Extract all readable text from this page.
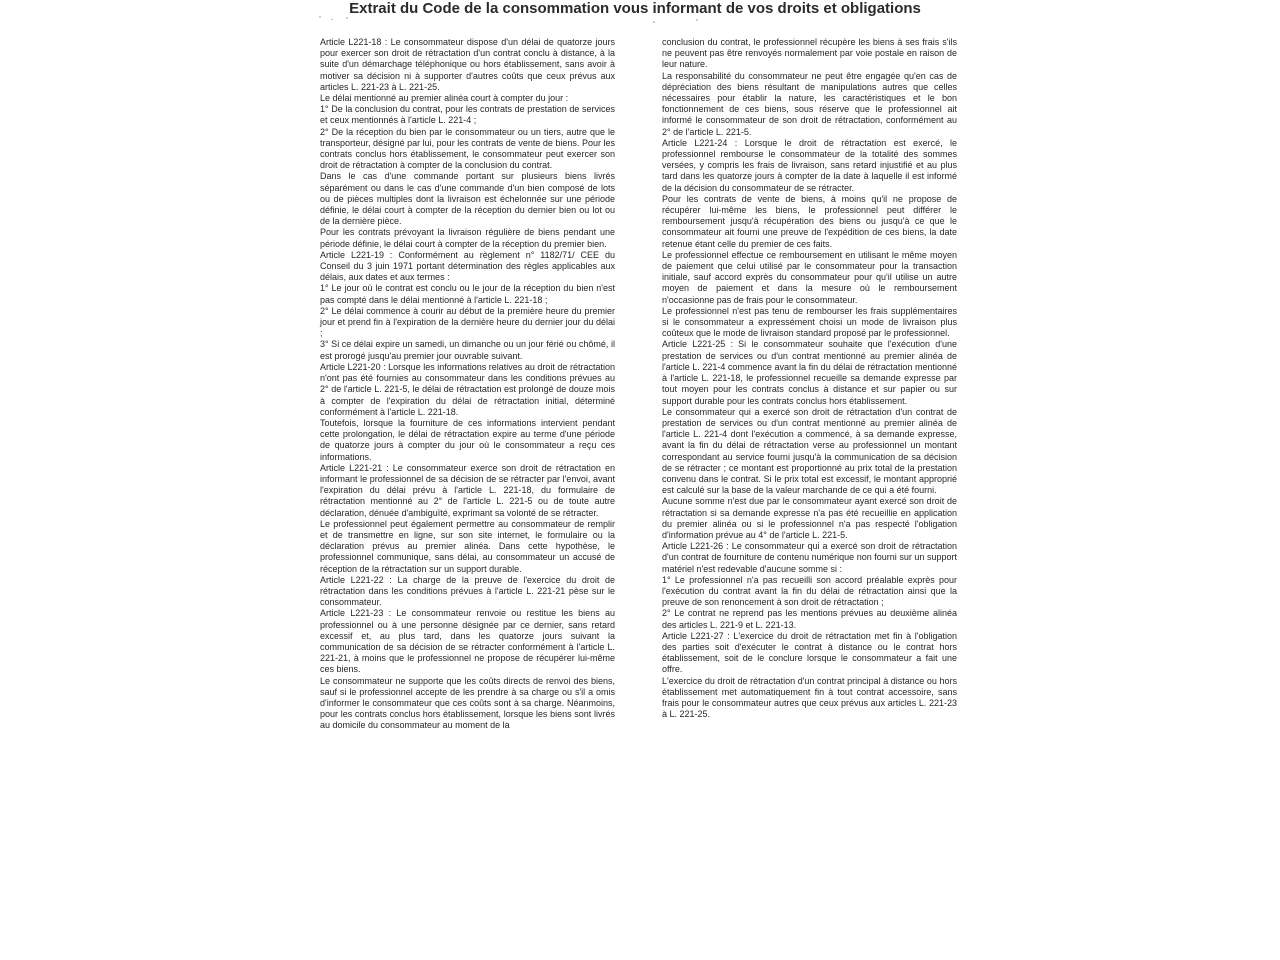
Extrait du Code de la consommation vous informant de vos droits et obligations

Article L221-18 : Le consommateur dispose d'un délai de quatorze jours pour exercer son droit de rétractation d'un contrat conclu à distance, à la suite d'un démarchage téléphonique ou hors établissement, sans avoir à motiver sa décision ni à supporter d'autres coûts que ceux prévus aux articles L. 221-23 à L. 221-25.

Le délai mentionné au premier alinéa court à compter du jour :

1° De la conclusion du contrat, pour les contrats de prestation de services et ceux mentionnés à l'article L. 221-4 ;

2° De la réception du bien par le consommateur ou un tiers, autre que le transporteur, désigné par lui, pour les contrats de vente de biens. Pour les contrats conclus hors établissement, le consommateur peut exercer son droit de rétractation à compter de la conclusion du contrat.

Dans le cas d'une commande portant sur plusieurs biens livrés séparément ou dans le cas d'une commande d'un bien composé de lots ou de pièces multiples dont la livraison est échelonnée sur une période définie, le délai court à compter de la réception du dernier bien ou lot ou de la dernière pièce.

Pour les contrats prévoyant la livraison régulière de biens pendant une période définie, le délai court à compter de la réception du premier bien.

Article L221-19 : Conformément au règlement n° 1182/71/ CEE du Conseil du 3 juin 1971 portant détermination des règles applicables aux délais, aux dates et aux termes :

1° Le jour où le contrat est conclu ou le jour de la réception du bien n'est pas compté dans le délai mentionné à l'article L. 221-18 ;

2° Le délai commence à courir au début de la première heure du premier jour et prend fin à l'expiration de la dernière heure du dernier jour du délai ;

3° Si ce délai expire un samedi, un dimanche ou un jour férié ou chômé, il est prorogé jusqu'au premier jour ouvrable suivant.

Article L221-20 : Lorsque les informations relatives au droit de rétractation n'ont pas été fournies au consommateur dans les conditions prévues au 2° de l'article L. 221-5, le délai de rétractation est prolongé de douze mois à compter de l'expiration du délai de rétractation initial, déterminé conformément à l'article L. 221-18.

Toutefois, lorsque la fourniture de ces informations intervient pendant cette prolongation, le délai de rétractation expire au terme d'une période de quatorze jours à compter du jour où le consommateur a reçu ces informations.

Article L221-21 : Le consommateur exerce son droit de rétractation en informant le professionnel de sa décision de se rétracter par l'envoi, avant l'expiration du délai prévu à l'article L. 221-18, du formulaire de rétractation mentionné au 2° de l'article L. 221-5 ou de toute autre déclaration, dénuée d'ambiguïté, exprimant sa volonté de se rétracter.

Le professionnel peut également permettre au consommateur de remplir et de transmettre en ligne, sur son site internet, le formulaire ou la déclaration prévus au premier alinéa. Dans cette hypothèse, le professionnel communique, sans délai, au consommateur un accusé de réception de la rétractation sur un support durable.

Article L221-22 : La charge de la preuve de l'exercice du droit de rétractation dans les conditions prévues à l'article L. 221-21 pèse sur le consommateur.

Article L221-23 : Le consommateur renvoie ou restitue les biens au professionnel ou à une personne désignée par ce dernier, sans retard excessif et, au plus tard, dans les quatorze jours suivant la communication de sa décision de se rétracter conformément à l'article L. 221-21, à moins que le professionnel ne propose de récupérer lui-même ces biens.

Le consommateur ne supporte que les coûts directs de renvoi des biens, sauf si le professionnel accepte de les prendre à sa charge ou s'il a omis d'informer le consommateur que ces coûts sont à sa charge. Néanmoins, pour les contrats conclus hors établissement, lorsque les biens sont livrés au domicile du consommateur au moment de la

conclusion du contrat, le professionnel récupère les biens à ses frais s'ils ne peuvent pas être renvoyés normalement par voie postale en raison de leur nature.

La responsabilité du consommateur ne peut être engagée qu'en cas de dépréciation des biens résultant de manipulations autres que celles nécessaires pour établir la nature, les caractéristiques et le bon fonctionnement de ces biens, sous réserve que le professionnel ait informé le consommateur de son droit de rétractation, conformément au 2° de l'article L. 221-5.

Article L221-24 : Lorsque le droit de rétractation est exercé, le professionnel rembourse le consommateur de la totalité des sommes versées, y compris les frais de livraison, sans retard injustifié et au plus tard dans les quatorze jours à compter de la date à laquelle il est informé de la décision du consommateur de se rétracter.

Pour les contrats de vente de biens, à moins qu'il ne propose de récupérer lui-même les biens, le professionnel peut différer le remboursement jusqu'à récupération des biens ou jusqu'à ce que le consommateur ait fourni une preuve de l'expédition de ces biens, la date retenue étant celle du premier de ces faits.

Le professionnel effectue ce remboursement en utilisant le même moyen de paiement que celui utilisé par le consommateur pour la transaction initiale, sauf accord exprès du consommateur pour qu'il utilise un autre moyen de paiement et dans la mesure où le remboursement n'occasionne pas de frais pour le consommateur.

Le professionnel n'est pas tenu de rembourser les frais supplémentaires si le consommateur a expressément choisi un mode de livraison plus coûteux que le mode de livraison standard proposé par le professionnel.

Article L221-25 : Si le consommateur souhaite que l'exécution d'une prestation de services ou d'un contrat mentionné au premier alinéa de l'article L. 221-4 commence avant la fin du délai de rétractation mentionné à l'article L. 221-18, le professionnel recueille sa demande expresse par tout moyen pour les contrats conclus à distance et sur papier ou sur support durable pour les contrats conclus hors établissement.

Le consommateur qui a exercé son droit de rétractation d'un contrat de prestation de services ou d'un contrat mentionné au premier alinéa de l'article L. 221-4 dont l'exécution a commencé, à sa demande expresse, avant la fin du délai de rétractation verse au professionnel un montant correspondant au service fourni jusqu'à la communication de sa décision de se rétracter ; ce montant est proportionné au prix total de la prestation convenu dans le contrat. Si le prix total est excessif, le montant approprié est calculé sur la base de la valeur marchande de ce qui a été fourni.

Aucune somme n'est due par le consommateur ayant exercé son droit de rétractation si sa demande expresse n'a pas été recueillie en application du premier alinéa ou si le professionnel n'a pas respecté l'obligation d'information prévue au 4° de l'article L. 221-5.

Article L221-26 : Le consommateur qui a exercé son droit de rétractation d'un contrat de fourniture de contenu numérique non fourni sur un support matériel n'est redevable d'aucune somme si :

1° Le professionnel n'a pas recueilli son accord préalable exprès pour l'exécution du contrat avant la fin du délai de rétractation ainsi que la preuve de son renoncement à son droit de rétractation ;

2° Le contrat ne reprend pas les mentions prévues au deuxième alinéa des articles L. 221-9 et L. 221-13.

Article L221-27 : L'exercice du droit de rétractation met fin à l'obligation des parties soit d'exécuter le contrat à distance ou le contrat hors établissement, soit de le conclure lorsque le consommateur a fait une offre.

L'exercice du droit de rétractation d'un contrat principal à distance ou hors établissement met automatiquement fin à tout contrat accessoire, sans frais pour le consommateur autres que ceux prévus aux articles L. 221-23 à L. 221-25.
